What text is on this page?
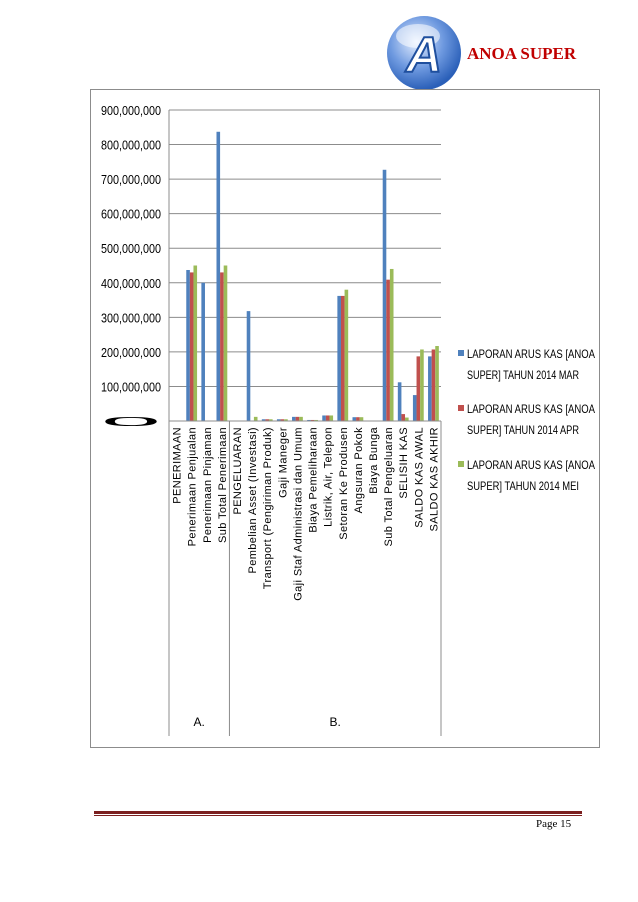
A ANOA SUPER
0
100,000,000
200,000,000
300,000,000
400,000,000
500,000,000
600,000,000
700,000,000
800,000,000
900,000,000
PENERIMAAN Penerimaan Penjualan Penerimaan Pinjaman Sub Total Penerimaan PENGELUARAN Pembelian Asset (Investasi) Transport (Pengiriman Produk) Gaji Maneger Gaji Staf Administrasi dan Umum Biaya Pemeliharaan Listrik, Air, Telepon Setoran Ke Produsen Angsuran Pokok Biaya Bunga Sub Total Pengeluaran SELISIH KAS SALDO KAS AWAL SALDO KAS AKHIR
A.	B.
LAPORAN ARUS KAS [ANOA
SUPER] TAHUN 2014 MAR
LAPORAN ARUS KAS [ANOA
SUPER] TAHUN 2014 APR
LAPORAN ARUS KAS [ANOA
SUPER] TAHUN 2014 MEI
Page 15
